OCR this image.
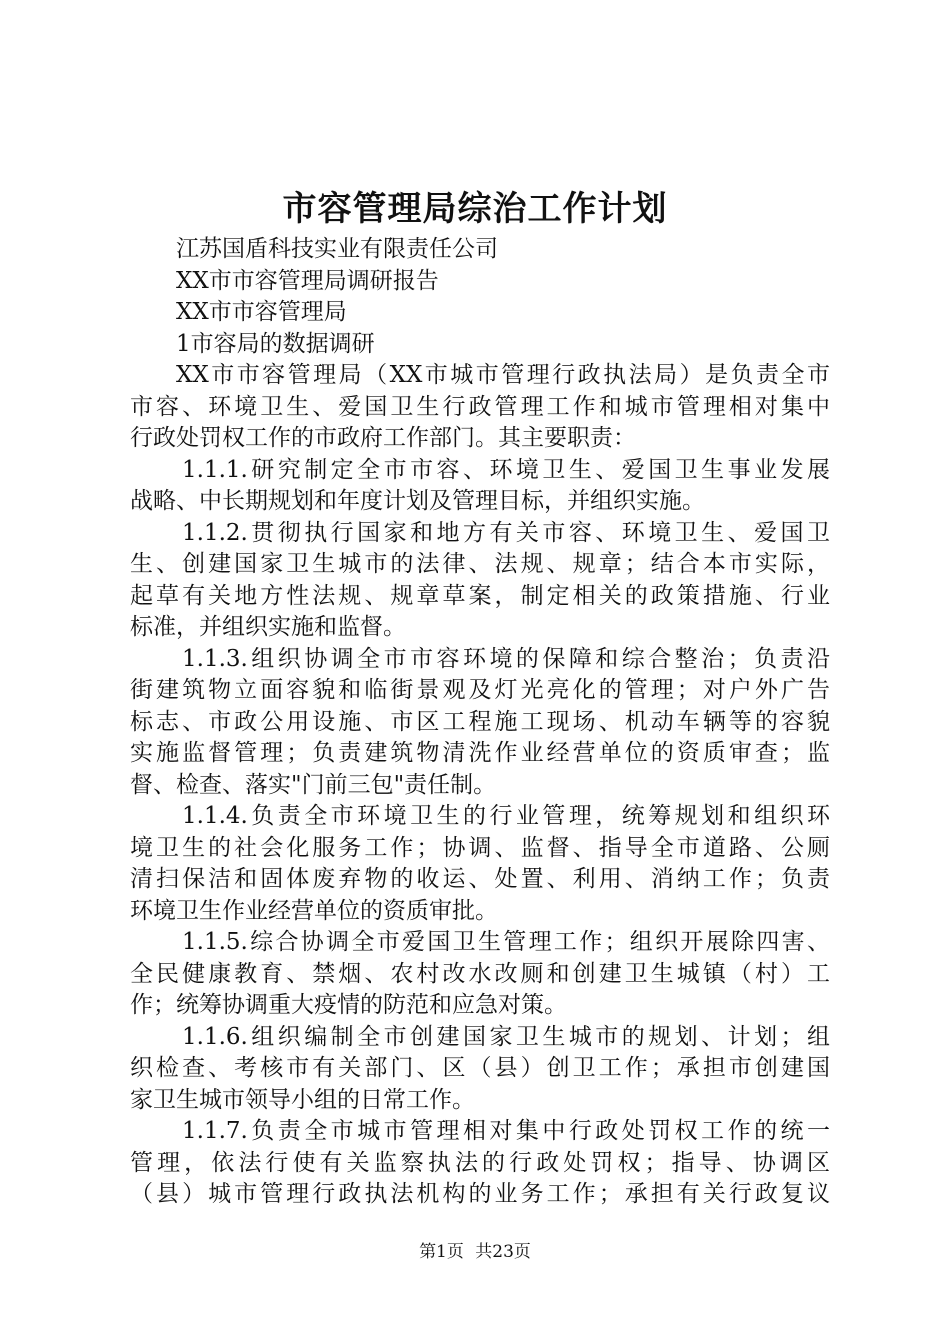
市容管理局综治工作计划
江苏国盾科技实业有限责任公司
XX市市容管理局调研报告
XX市市容管理局
1市容局的数据调研
XX市市容管理局（XX市城市管理行政执法局）是负责全市
市容、环境卫生、爱国卫生行政管理工作和城市管理相对集中
行政处罚权工作的市政府工作部门。其主要职责：
1.1.1.研究制定全市市容、环境卫生、爱国卫生事业发展
战略、中长期规划和年度计划及管理目标，并组织实施。
1.1.2.贯彻执行国家和地方有关市容、环境卫生、爱国卫
生、创建国家卫生城市的法律、法规、规章；结合本市实际，
起草有关地方性法规、规章草案，制定相关的政策措施、行业
标准，并组织实施和监督。
1.1.3.组织协调全市市容环境的保障和综合整治；负责沿
街建筑物立面容貌和临街景观及灯光亮化的管理；对户外广告
标志、市政公用设施、市区工程施工现场、机动车辆等的容貌
实施监督管理；负责建筑物清洗作业经营单位的资质审查；监
督、检查、落实"门前三包"责任制。
1.1.4.负责全市环境卫生的行业管理，统筹规划和组织环
境卫生的社会化服务工作；协调、监督、指导全市道路、公厕
清扫保洁和固体废弃物的收运、处置、利用、消纳工作；负责
环境卫生作业经营单位的资质审批。
1.1.5.综合协调全市爱国卫生管理工作；组织开展除四害、
全民健康教育、禁烟、农村改水改厕和创建卫生城镇（村）工
作；统筹协调重大疫情的防范和应急对策。
1.1.6.组织编制全市创建国家卫生城市的规划、计划；组
织检查、考核市有关部门、区（县）创卫工作；承担市创建国
家卫生城市领导小组的日常工作。
1.1.7.负责全市城市管理相对集中行政处罚权工作的统一
管理，依法行使有关监察执法的行政处罚权；指导、协调区
（县）城市管理行政执法机构的业务工作；承担有关行政复议
第1页 共23页
